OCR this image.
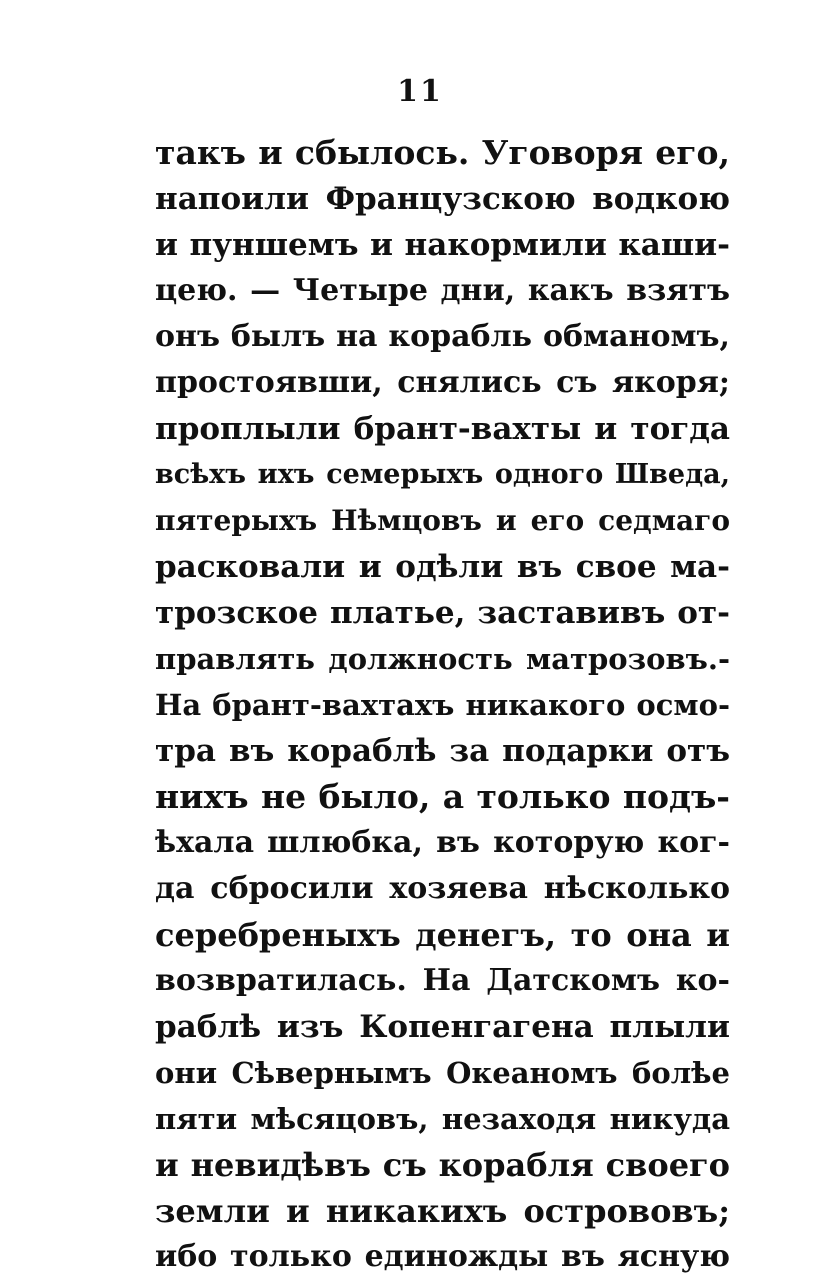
11
такъ и сбылось. Уговоря его,
напоили Французскою водкою
и пуншемъ и накормили каши-
цею. — Четыре дни, какъ взятъ
онъ былъ на корабль обманомъ,
простоявши, снялись съ якоря;
проплыли брант-вахты и тогда
всѣхъ ихъ семерыхъ одного Шведа,
пятерыхъ Нѣмцовъ и его седмаго
расковали и одѣли въ свое ма-
трозское платье, заставивъ от-
правлять должность матрозовъ.-
На брант-вахтахъ никакого осмо-
тра въ кораблѣ за подарки отъ
нихъ не было, а только подъ-
ѣхала шлюбка, въ которую ког-
да сбросили хозяева нѣсколько
серебреныхъ денегъ, то она и
возвратилась. На Датскомъ ко-
раблѣ изъ Копенгагена плыли
они Сѣвернымъ Океаномъ болѣе
пяти мѣсяцовъ, незаходя никуда
и невидѣвъ съ корабля своего
земли и никакихъ островoвъ;
ибо только единожды въ ясную
